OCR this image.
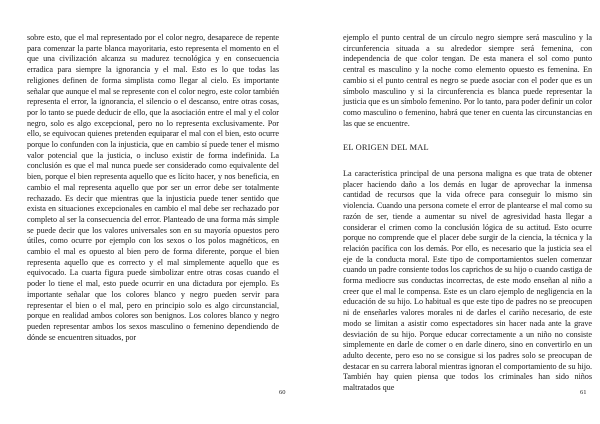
sobre esto, que el mal representado por el color negro, desaparece de repente para comenzar la parte blanca mayoritaria, esto representa el momento en el que una civilización alcanza su madurez tecnológica y en consecuencia erradica para siempre la ignorancia y el mal. Esto es lo que todas las religiones definen de forma simplista como llegar al cielo. Es importante señalar que aunque el mal se represente con el color negro, este color también representa el error, la ignorancia, el silencio o el descanso, entre otras cosas, por lo tanto se puede deducir de ello, que la asociación entre el mal y el color negro, solo es algo excepcional, pero no lo representa exclusivamente. Por ello, se equivocan quienes pretenden equiparar el mal con el bien, esto ocurre porque lo confunden con la injusticia, que en cambio sí puede tener el mismo valor potencial que la justicia, o incluso existir de forma indefinida. La conclusión es que el mal nunca puede ser considerado como equivalente del bien, porque el bien representa aquello que es lícito hacer, y nos beneficia, en cambio el mal representa aquello que por ser un error debe ser totalmente rechazado. Es decir que mientras que la injusticia puede tener sentido que exista en situaciones excepcionales en cambio el mal debe ser rechazado por completo al ser la consecuencia del error. Planteado de una forma más simple se puede decir que los valores universales son en su mayoría opuestos pero útiles, como ocurre por ejemplo con los sexos o los polos magnéticos, en cambio el mal es opuesto al bien pero de forma diferente, porque el bien representa aquello que es correcto y el mal simplemente aquello que es equivocado. La cuarta figura puede simbolizar entre otras cosas cuando el poder lo tiene el mal, esto puede ocurrir en una dictadura por ejemplo. Es importante señalar que los colores blanco y negro pueden servir para representar el bien o el mal, pero en principio solo es algo circunstancial, porque en realidad ambos colores son benignos. Los colores blanco y negro pueden representar ambos los sexos masculino o femenino dependiendo de dónde se encuentren situados, por

60

ejemplo el punto central de un círculo negro siempre será masculino y la circunferencia situada a su alrededor siempre será femenina, con independencia de que color tengan. De esta manera el sol como punto central es masculino y la noche como elemento opuesto es femenina. En cambio si el punto central es negro se puede asociar con el poder que es un símbolo masculino y si la circunferencia es blanca puede representar la justicia que es un símbolo femenino. Por lo tanto, para poder definir un color como masculino o femenino, habrá que tener en cuenta las circunstancias en las que se encuentre.

EL ORIGEN DEL MAL

La característica principal de una persona maligna es que trata de obtener placer haciendo daño a los demás en lugar de aprovechar la inmensa cantidad de recursos que la vida ofrece para conseguir lo mismo sin violencia. Cuando una persona comete el error de plantearse el mal como su razón de ser, tiende a aumentar su nivel de agresividad hasta llegar a considerar el crimen como la conclusión lógica de su actitud. Esto ocurre porque no comprende que el placer debe surgir de la ciencia, la técnica y la relación pacífica con los demás. Por ello, es necesario que la justicia sea el eje de la conducta moral. Este tipo de comportamientos suelen comenzar cuando un padre consiente todos los caprichos de su hijo o cuando castiga de forma mediocre sus conductas incorrectas, de este modo enseñan al niño a creer que el mal le compensa. Este es un claro ejemplo de negligencia en la educación de su hijo. Lo habitual es que este tipo de padres no se preocupen ni de enseñarles valores morales ni de darles el cariño necesario, de este modo se limitan a asistir como espectadores sin hacer nada ante la grave desviación de su hijo. Porque educar correctamente a un niño no consiste simplemente en darle de comer o en darle dinero, sino en convertirlo en un adulto decente, pero eso no se consigue si los padres solo se preocupan de destacar en su carrera laboral mientras ignoran el comportamiento de su hijo. También hay quien piensa que todos los criminales han sido niños maltratados que

61
